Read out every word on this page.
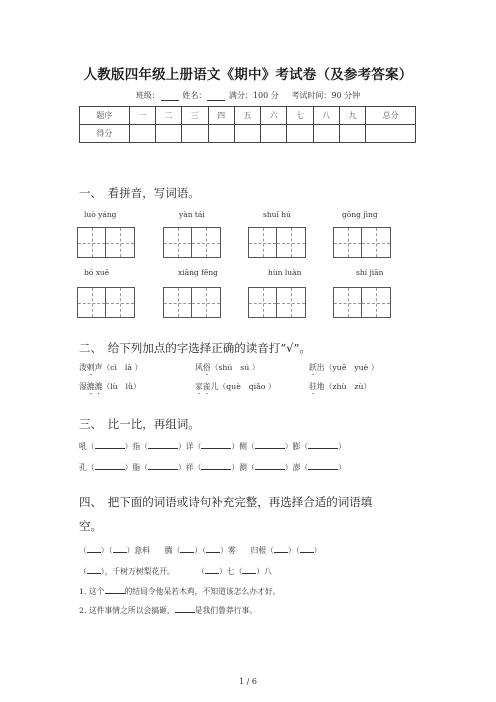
人教版四年级上册语文《期中》考试卷（及参考答案）
班级：	姓名：	满分：100 分 考试时间：90 分钟
题序	一	二	三	四	五	六	七	八	九	总分
得分										
一、　看拼音，写词语。
luò yáng	yàn tái	shuǐ hú	gōng jìng
bó xuě	xiāng fēng	hùn luàn	shí jiān
二、　给下列加点的字选择正确的读音打“√”。
泼剌声（cì　là ）	风俗（shú　sú ）	跃出（yuē　yuè ）
湿漉漉（lù　lǜ）	家雀儿（què　qiǎo ）	驻地（zhù　zù）
三、　比一比，再组词。
吼（	）指（	）详（	）侧（	）膨（	）
孔（	）脂（	）祥（	）测（	）澎（	）
四、　把下面的词语或诗句补充完整，再选择合适的词语填
空。
（ ）（ ）意料 腾（ ）（ ）雾 归根（ ）（ ）
（ ），千树万树梨花开。         （ ）七（ ）八
1. 这个	的结局令他呆若木鸡，不知道该怎么办才好。
2. 这件事情之所以会搞砸，	是我们鲁莽行事。
1 / 6
